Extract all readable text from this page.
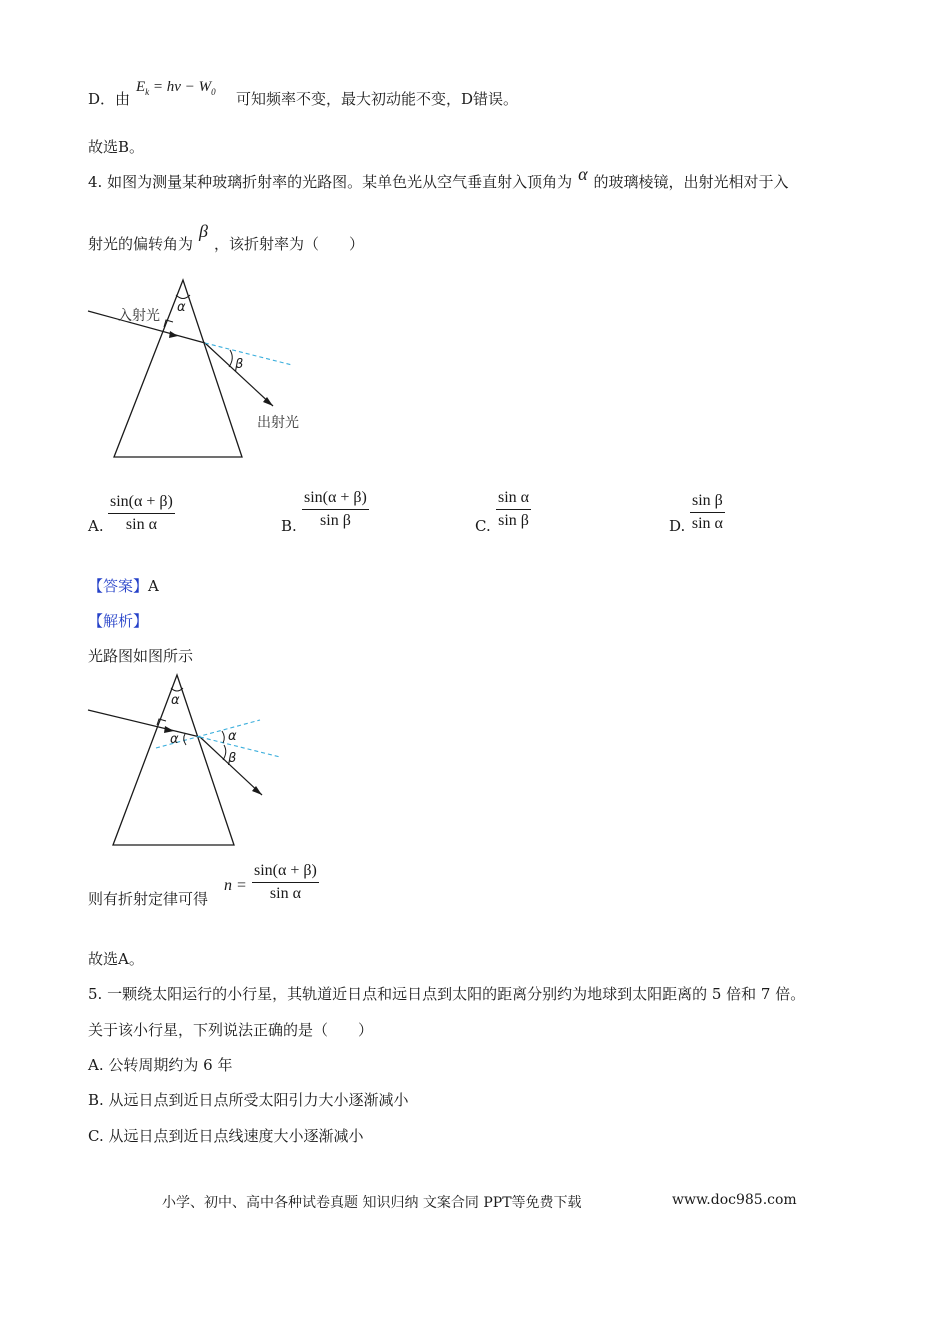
D．由
$E_k = h\nu - W_0$ 可知频率不变，最大初动能不变，D错误。
故选B。
4. 如图为测量某种玻璃折射率的光路图。某单色光从空气垂直射入顶角为 α 的玻璃棱镜，出射光相对于入
射光的偏转角为β，该折射率为（　　）
α
β
入射光
出射光
A. $\frac{\sin(\alpha + \beta)}{\text{sin α}}$	B. $\frac{\sin(\alpha + \beta)}{\text{sin β}}$	C. $\frac{\text{sin α}}{\text{sin β}}$	D. $\frac{\text{sin β}}{\text{sin α}}$
【答案】A
【解析】
光路图如图所示
α
α	α
β
则有折射定律可得
$n = \frac{\sin(\alpha + \beta)}{\text{sin α}}$
故选A。
5. 一颗绕太阳运行的小行星，其轨道近日点和远日点到太阳的距离分别约为地球到太阳距离的 5 倍和 7 倍。
关于该小行星，下列说法正确的是（　　）
A. 公转周期约为 6 年
B. 从远日点到近日点所受太阳引力大小逐渐减小
C. 从远日点到近日点线速度大小逐渐减小
小学、初中、高中各种试卷真题 知识归纳 文案合同 PPT等免费下载	www.doc985.com
